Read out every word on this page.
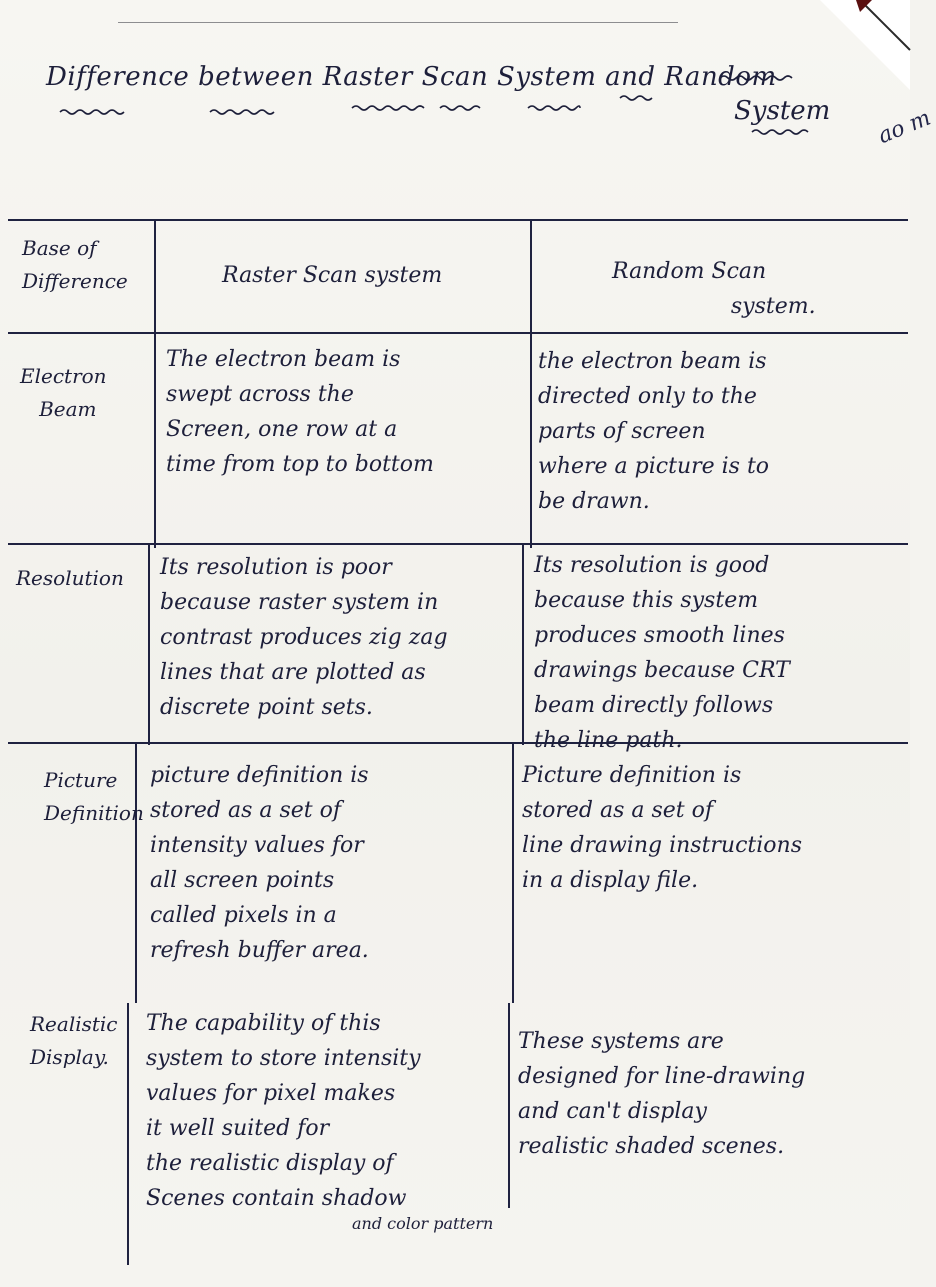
Difference between Raster Scan System and Random
System ao m
Base of
Difference	Raster Scan system	Random Scan
system.
Electron
Beam
The electron beam is
swept across the
Screen, one row at a
time from top to bottom
the electron beam is
directed only to the
parts of screen
where a picture is to
be drawn.
Resolution Its resolution is poor
because raster system in
contrast produces zig zag
lines that are plotted as
discrete point sets.
Its resolution is good
because this system
produces smooth lines
drawings because CRT
beam directly follows
the line path.
Picture
Definition
picture definition is
stored as a set of
intensity values for
all screen points
called pixels in a
refresh buffer area.
Picture definition is
stored as a set of
line drawing instructions
in a display file.
Realistic
Display.
The capability of this
system to store intensity
values for pixel makes
it well suited for
the realistic display of
Scenes contain shadow
and color pattern
These systems are
designed for line-drawing
and can't display
realistic shaded scenes.
